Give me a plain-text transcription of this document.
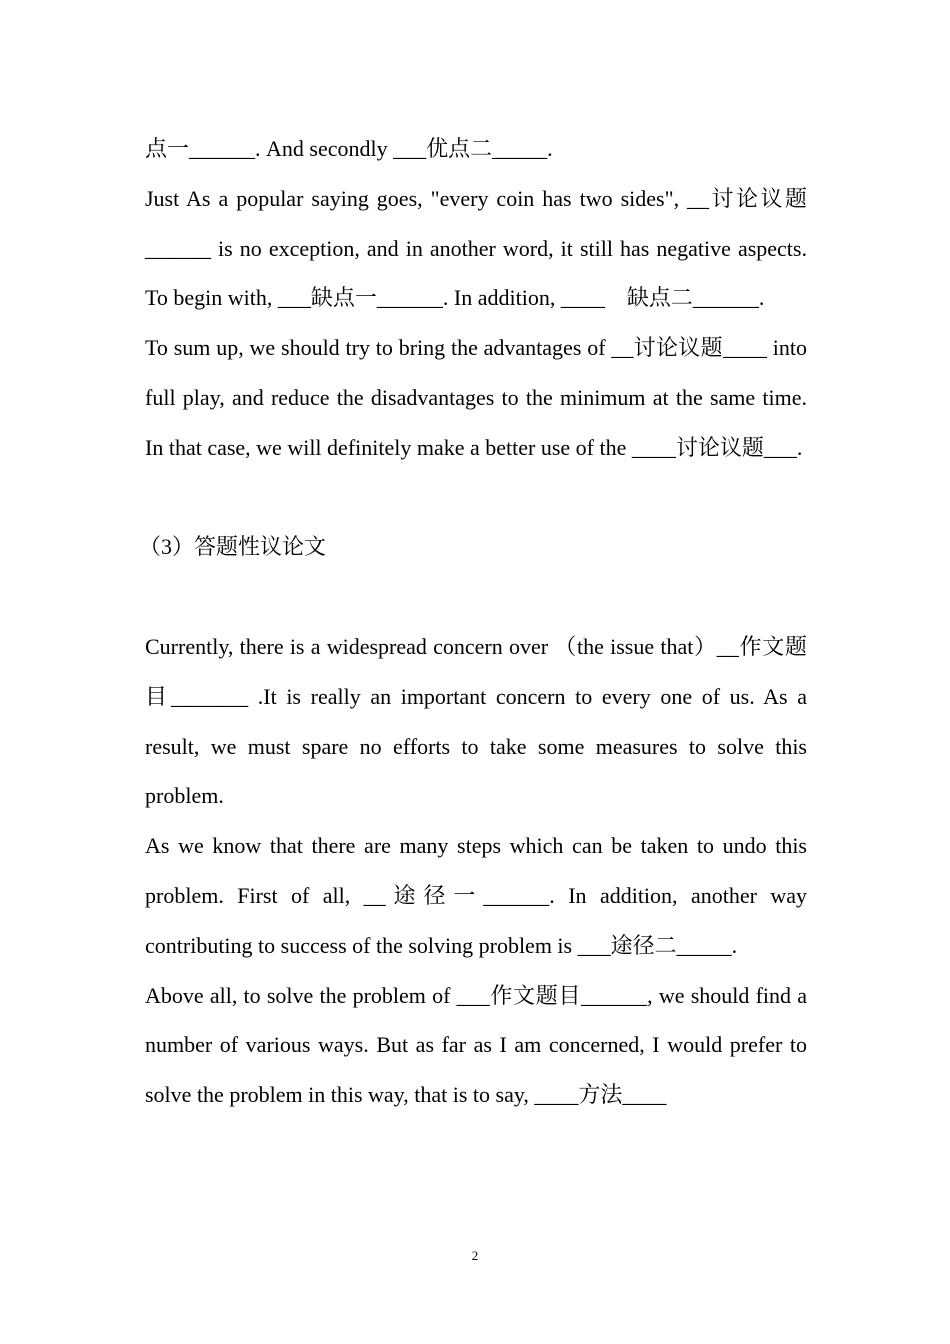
点一______. And secondly ___优点二_____.

Just As a popular saying goes, "every coin has two sides", __讨论议题______ is no exception, and in another word, it still has negative aspects. To begin with, ___缺点一______. In addition, ____　缺点二______.

To sum up, we should try to bring the advantages of __讨论议题____ into full play, and reduce the disadvantages to the minimum at the same time. In that case, we will definitely make a better use of the ____讨论议题___.

（3）答题性议论文

Currently, there is a widespread concern over （the issue that）__作文题目_______ .It is really an important concern to every one of us. As a result, we must spare no efforts to take some measures to solve this problem.

As we know that there are many steps which can be taken to undo this problem. First of all, __途径一______. In addition, another way contributing to success of the solving problem is ___途径二_____.

Above all, to solve the problem of ___作文题目______, we should find a number of various ways. But as far as I am concerned, I would prefer to solve the problem in this way, that is to say, ____方法____

2
